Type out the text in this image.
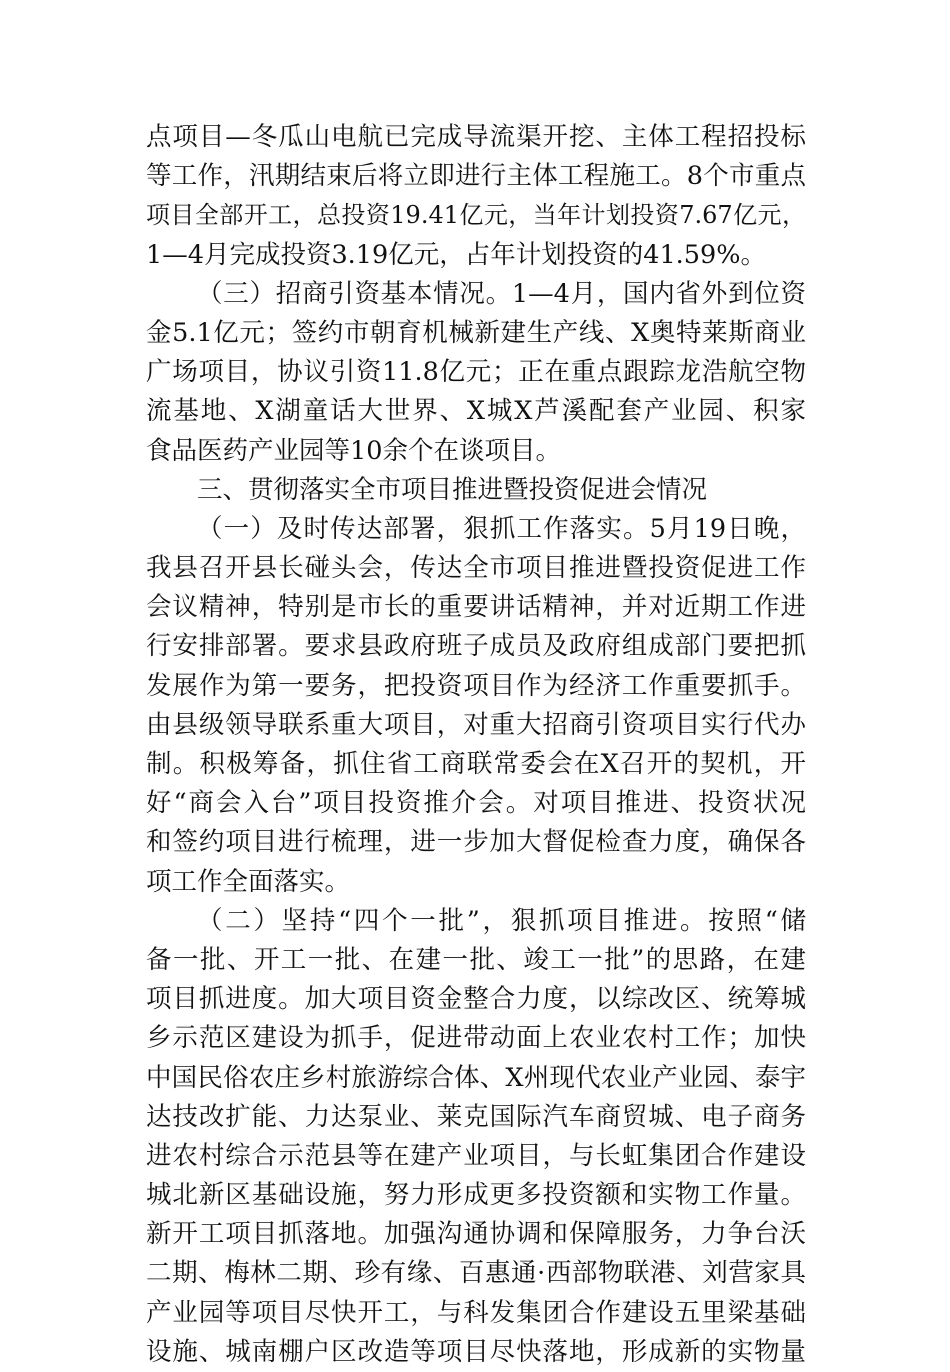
点项目—冬瓜山电航已完成导流渠开挖、主体工程招投标
等工作，汛期结束后将立即进行主体工程施工。8个市重点
项目全部开工，总投资19.41亿元，当年计划投资7.67亿元，
1—4月完成投资3.19亿元，占年计划投资的41.59%。
（三）招商引资基本情况。1—4月，国内省外到位资
金5.1亿元；签约市朝育机械新建生产线、X奥特莱斯商业
广场项目，协议引资11.8亿元；正在重点跟踪龙浩航空物
流基地、X湖童话大世界、X城X芦溪配套产业园、积家
食品医药产业园等10余个在谈项目。
三、贯彻落实全市项目推进暨投资促进会情况
（一）及时传达部署，狠抓工作落实。5月19日晚，
我县召开县长碰头会，传达全市项目推进暨投资促进工作
会议精神，特别是市长的重要讲话精神，并对近期工作进
行安排部署。要求县政府班子成员及政府组成部门要把抓
发展作为第一要务，把投资项目作为经济工作重要抓手。
由县级领导联系重大项目，对重大招商引资项目实行代办
制。积极筹备，抓住省工商联常委会在X召开的契机，开
好“商会入台”项目投资推介会。对项目推进、投资状况
和签约项目进行梳理，进一步加大督促检查力度，确保各
项工作全面落实。
（二）坚持“四个一批”，狠抓项目推进。按照“储
备一批、开工一批、在建一批、竣工一批”的思路，在建
项目抓进度。加大项目资金整合力度，以综改区、统筹城
乡示范区建设为抓手，促进带动面上农业农村工作；加快
中国民俗农庄乡村旅游综合体、X州现代农业产业园、泰宇
达技改扩能、力达泵业、莱克国际汽车商贸城、电子商务
进农村综合示范县等在建产业项目，与长虹集团合作建设
城北新区基础设施，努力形成更多投资额和实物工作量。
新开工项目抓落地。加强沟通协调和保障服务，力争台沃
二期、梅林二期、珍有缘、百惠通·西部物联港、刘营家具
产业园等项目尽快开工，与科发集团合作建设五里梁基础
设施、城南棚户区改造等项目尽快落地，形成新的实物量
